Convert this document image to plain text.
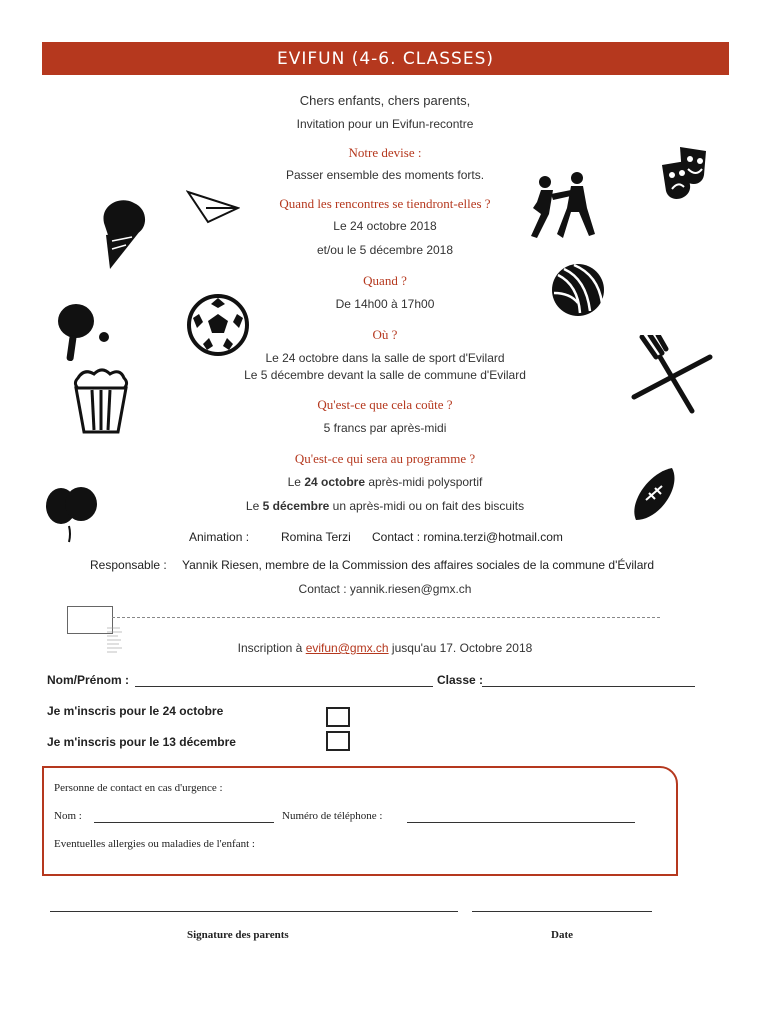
EVIFUN (4-6. CLASSES)
Chers enfants, chers parents,
Invitation pour un Evifun-recontre
Notre devise :
Passer ensemble des moments forts.
Quand les rencontres se tiendront-elles ?
Le 24 octobre 2018
et/ou le 5 décembre 2018
Quand ?
De 14h00 à 17h00
Où ?
Le 24 octobre dans la salle de sport d'Evilard
Le 5 décembre devant la salle de commune d'Evilard
Qu'est-ce que cela coûte ?
5 francs par après-midi
Qu'est-ce qui sera au programme ?
Le 24 octobre après-midi polysportif
Le 5 décembre un après-midi ou on fait des biscuits
Animation :	Romina Terzi Contact : romina.terzi@hotmail.com
Responsable : Yannik Riesen, membre de la Commission des affaires sociales de la commune d'Évilard
Contact : yannik.riesen@gmx.ch
Inscription à evifun@gmx.ch jusqu'au 17. Octobre 2018
Nom/Prénom :	Classe :
Je m'inscris pour le 24 octobre
Je m'inscris pour le 13 décembre
Personne de contact en cas d'urgence :
Nom :	Numéro de téléphone :
Eventuelles allergies ou maladies de l'enfant :
Signature des parents	Date
